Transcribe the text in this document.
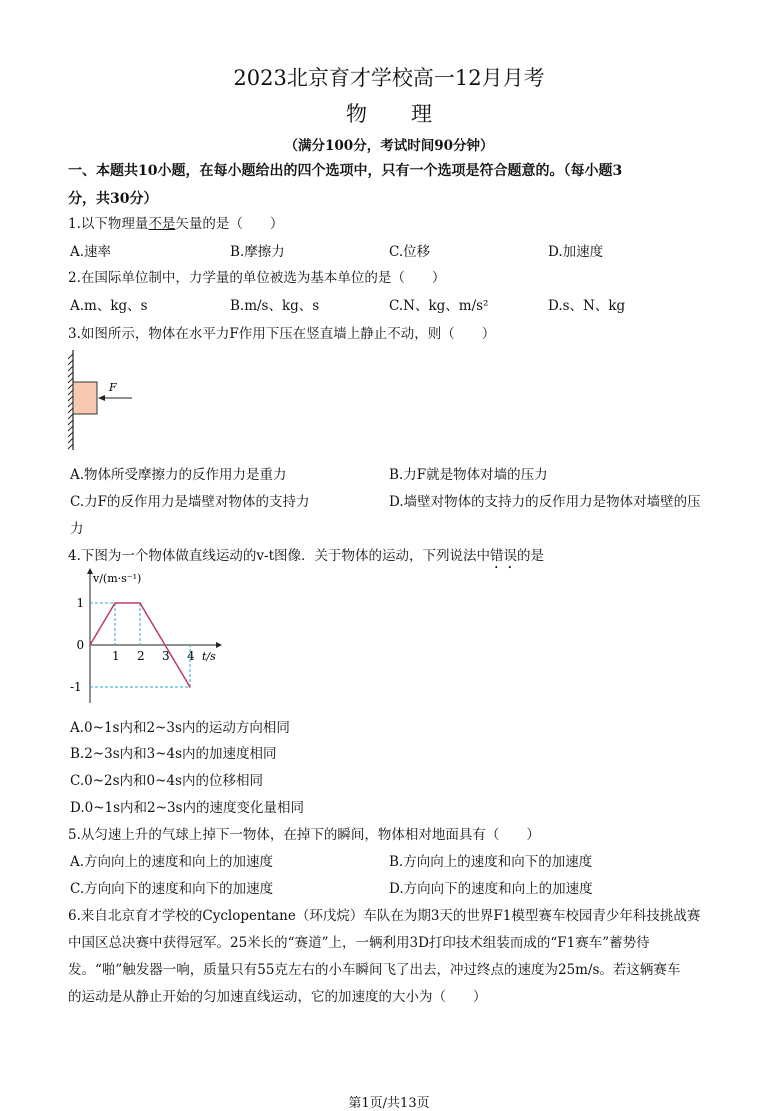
2023北京育才学校高一12月月考
物理
（满分100分，考试时间90分钟）
一、本题共10小题，在每小题给出的四个选项中，只有一个选项是符合题意的。（每小题3
分，共30分）
1.以下物理量不是矢量的是（　　）
A.速率	B.摩擦力	C.位移	D.加速度
2.在国际单位制中，力学量的单位被选为基本单位的是（　　）
A.m、kg、s	B.m/s、kg、s	C.N、kg、m/s²	D.s、N、kg
3.如图所示，物体在水平力F作用下压在竖直墙上静止不动，则（　　）
F
A.物体所受摩擦力的反作用力是重力	B.力F就是物体对墙的压力
C.力F的反作用力是墙壁对物体的支持力	D.墙壁对物体的支持力的反作用力是物体对墙壁的压
力
4.下图为一个物体做直线运动的v-t图像．关于物体的运动，下列说法中错误的是
v/(m·s⁻¹)
t/s
1 2 3 4
1
0
-1
A.0~1s内和2~3s内的运动方向相同
B.2~3s内和3~4s内的加速度相同
C.0~2s内和0~4s内的位移相同
D.0~1s内和2~3s内的速度变化量相同
5.从匀速上升的气球上掉下一物体，在掉下的瞬间，物体相对地面具有（　　）
A.方向向上的速度和向上的加速度	B.方向向上的速度和向下的加速度
C.方向向下的速度和向下的加速度	D.方向向下的速度和向上的加速度
6.来自北京育才学校的Cyclopentane（环戊烷）车队在为期3天的世界F1模型赛车校园青少年科技挑战赛
中国区总决赛中获得冠军。25米长的“赛道”上，一辆利用3D打印技术组装而成的“F1赛车”蓄势待
发。“啪”触发器一响，质量只有55克左右的小车瞬间飞了出去，冲过终点的速度为25m/s。若这辆赛车
的运动是从静止开始的匀加速直线运动，它的加速度的大小为（　　）
第1页/共13页
